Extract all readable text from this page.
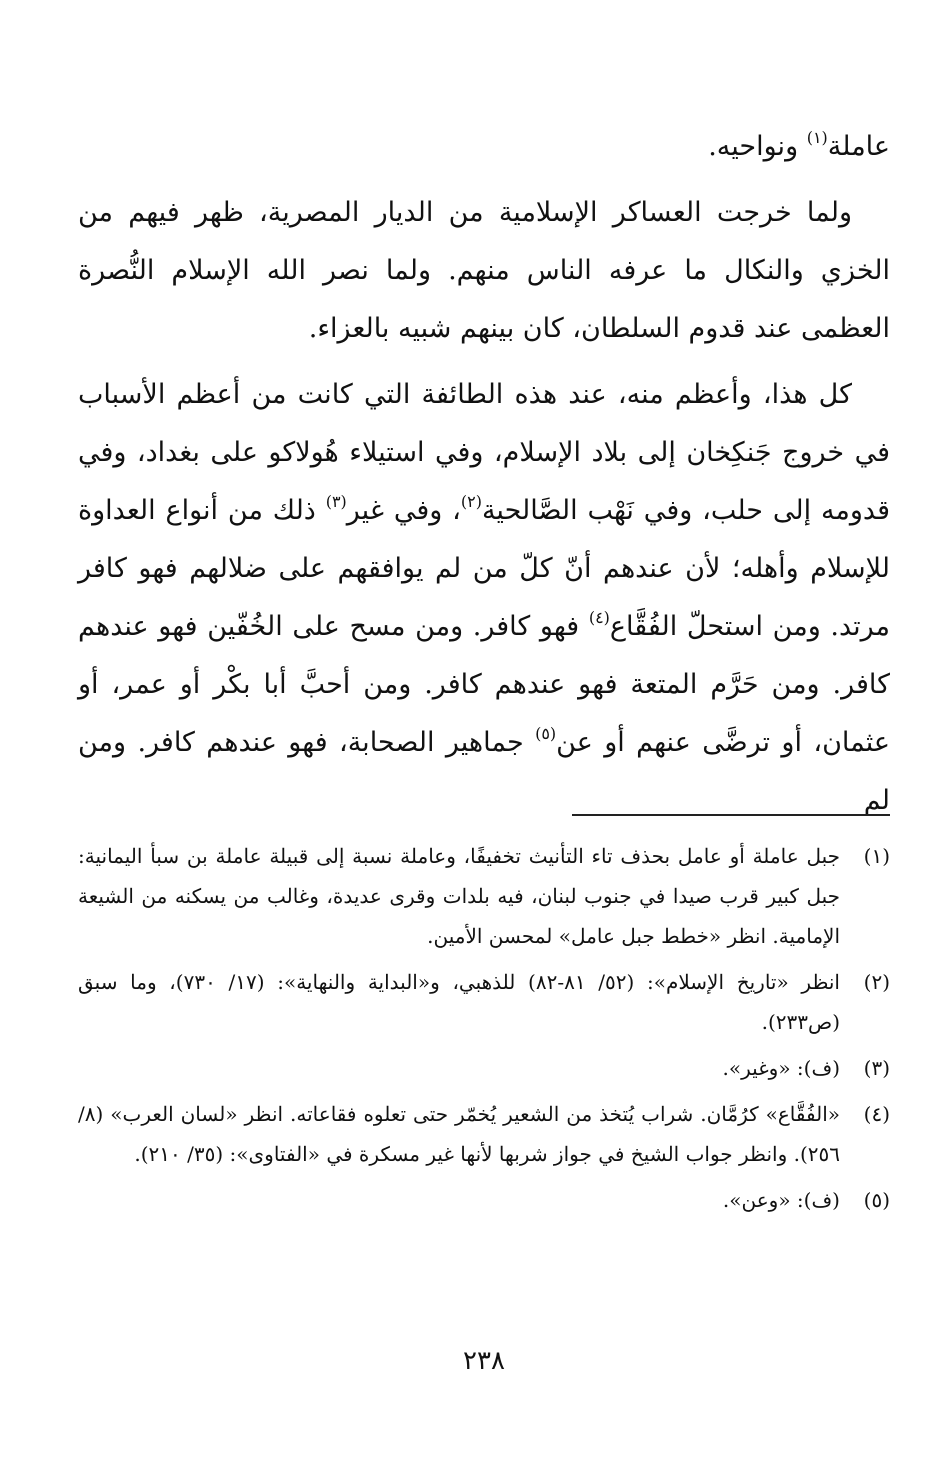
عاملة$^{(١)}$ ونواحيه.

ولما خرجت العساكر الإسلامية من الديار المصرية، ظهر فيهم من الخزي والنكال ما عرفه الناس منهم. ولما نصر الله الإسلام النُّصرة العظمى عند قدوم السلطان، كان بينهم شبيه بالعزاء.

كل هذا، وأعظم منه، عند هذه الطائفة التي كانت من أعظم الأسباب في خروج جَنكِخان إلى بلاد الإسلام، وفي استيلاء هُولاكو على بغداد، وفي قدومه إلى حلب، وفي نَهْب الصَّالحية$^{(٢)}$، وفي غير$^{(٣)}$ ذلك من أنواع العداوة للإسلام وأهله؛ لأن عندهم أنّ كلّ من لم يوافقهم على ضلالهم فهو كافر مرتد. ومن استحلّ الفُقَّاع$^{(٤)}$ فهو كافر. ومن مسح على الخُفّين فهو عندهم كافر. ومن حَرَّم المتعة فهو عندهم كافر. ومن أحبَّ أبا بكْر أو عمر، أو عثمان، أو ترضَّى عنهم أو عن$^{(٥)}$ جماهير الصحابة، فهو عندهم كافر. ومن لم

(١)
جبل عاملة أو عامل بحذف تاء التأنيث تخفيفًا، وعاملة نسبة إلى قبيلة عاملة بن سبأ اليمانية: جبل كبير قرب صيدا في جنوب لبنان، فيه بلدات وقرى عديدة، وغالب من يسكنه من الشيعة الإمامية. انظر «خطط جبل عامل» لمحسن الأمين.
(٢)
انظر «تاريخ الإسلام»: (٥٢/ ٨١-٨٢) للذهبي، و«البداية والنهاية»: (١٧/ ٧٣٠)، وما سبق (ص٢٣٣).
(٣)
(ف): «وغير».
(٤)
«الفُقَّاع» كرُمَّان. شراب يُتخذ من الشعير يُخمّر حتى تعلوه فقاعاته. انظر «لسان العرب» (٨/ ٢٥٦). وانظر جواب الشيخ في جواز شربها لأنها غير مسكرة في «الفتاوى»: (٣٥/ ٢١٠).
(٥)
(ف): «وعن».
٢٣٨
